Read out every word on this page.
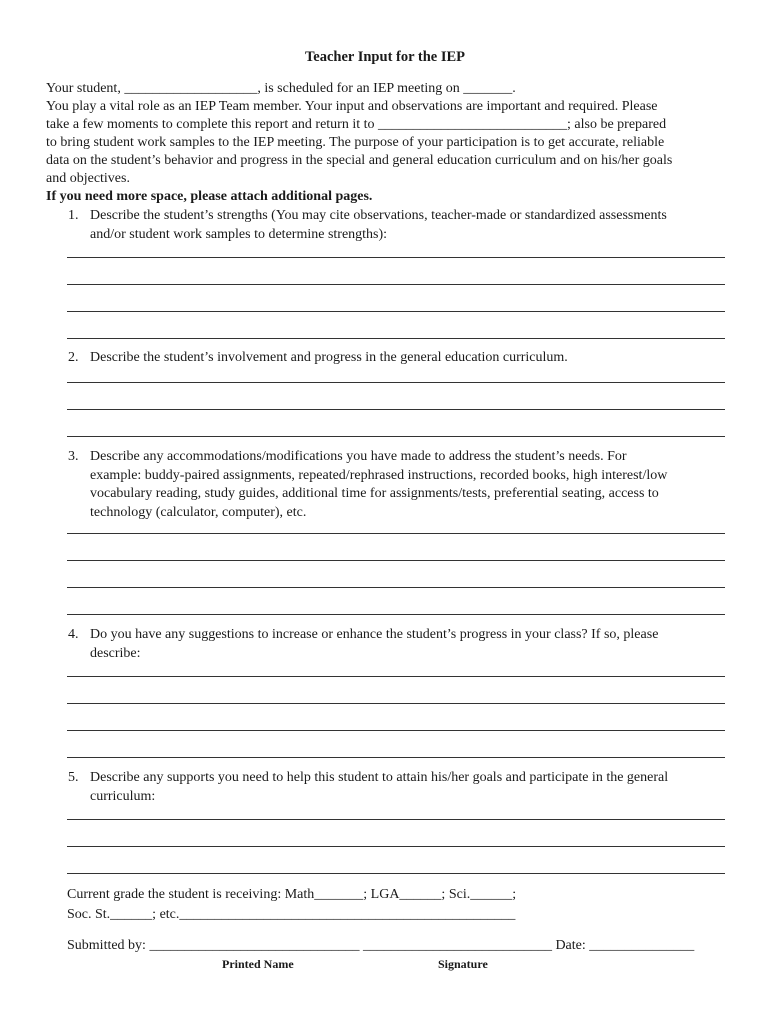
Teacher Input for the IEP
Your student, ___________________, is scheduled for an IEP meeting on _______.
You play a vital role as an IEP Team member. Your input and observations are important and required. Please
take a few moments to complete this report and return it to ___________________________; also be prepared
to bring student work samples to the IEP meeting. The purpose of your participation is to get accurate, reliable
data on the student’s behavior and progress in the special and general education curriculum and on his/her goals
and objectives.
If you need more space, please attach additional pages.
1. Describe the student’s strengths (You may cite observations, teacher-made or standardized assessments
and/or student work samples to determine strengths):
2. Describe the student’s involvement and progress in the general education curriculum.
3. Describe any accommodations/modifications you have made to address the student’s needs. For
example: buddy-paired assignments, repeated/rephrased instructions, recorded books, high interest/low
vocabulary reading, study guides, additional time for assignments/tests, preferential seating, access to
technology (calculator, computer), etc.
4. Do you have any suggestions to increase or enhance the student’s progress in your class? If so, please
describe:
5. Describe any supports you need to help this student to attain his/her goals and participate in the general
curriculum:
Current grade the student is receiving: Math_______; LGA______; Sci.______;
Soc. St.______; etc.________________________________________________
Submitted by: ______________________________ ___________________________ Date: _______________
Printed Name	Signature
